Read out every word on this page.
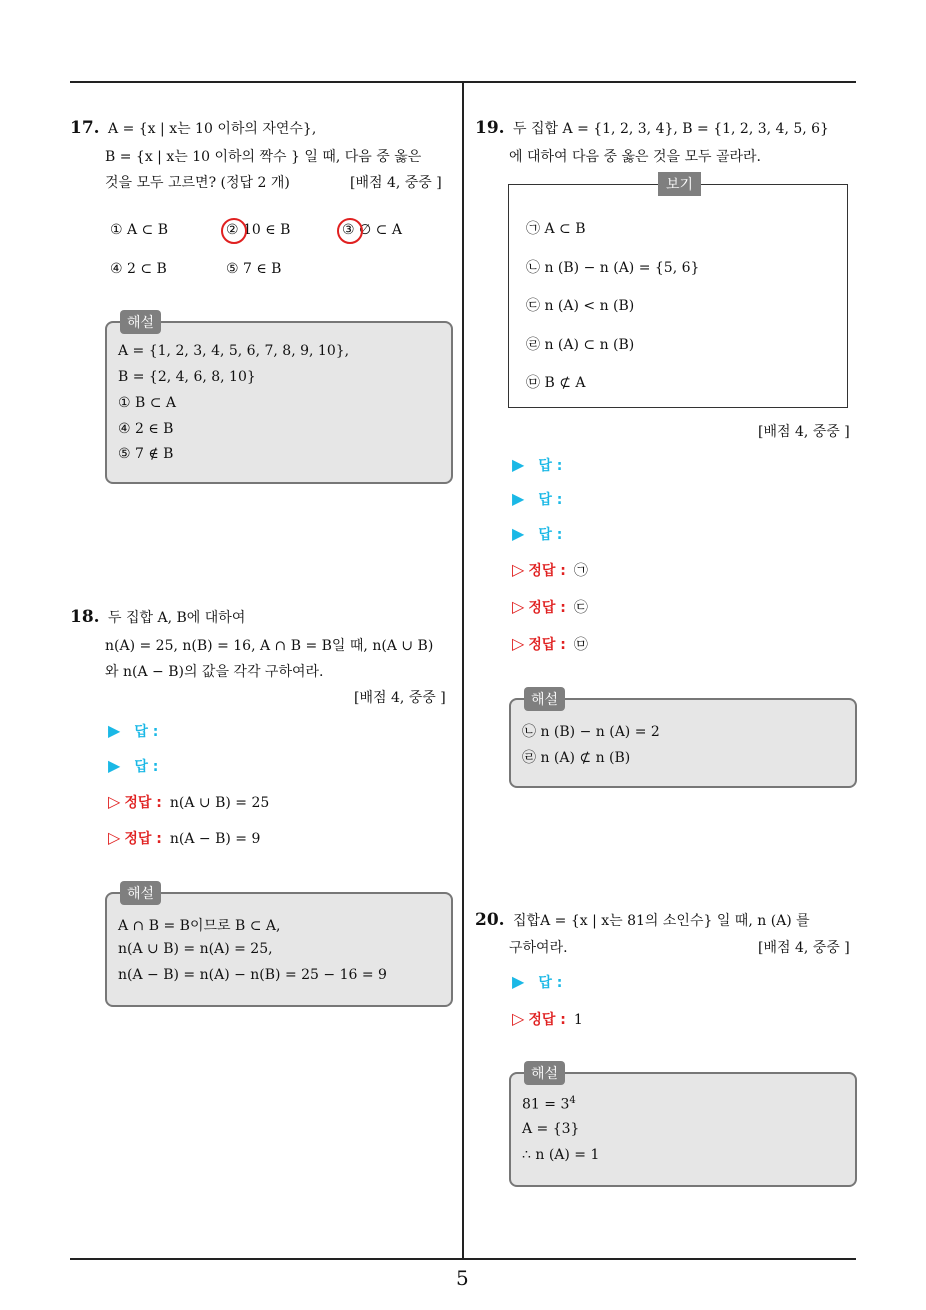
5
17. A = {x | x는 10 이하의 자연수},
B = {x | x는 10 이하의 짝수 } 일 때, 다음 중 옳은
것을 모두 고르면? (정답 2 개)	[배점 4, 중중 ]
① A ⊂ B	② 10 ∈ B	③ ∅ ⊂ A
④ 2 ⊂ B	⑤ 7 ∈ B
해설
A = {1, 2, 3, 4, 5, 6, 7, 8, 9, 10},
B = {2, 4, 6, 8, 10}
① B ⊂ A
④ 2 ∈ B
⑤ 7 ∉ B
18. 두 집합 A, B에 대하여
n(A) = 25, n(B) = 16, A ∩ B = B일 때, n(A ∪ B)
와 n(A − B)의 값을 각각 구하여라.
[배점 4, 중중 ]
▶ 답 :
▶ 답 :
▷ 정답 : n(A ∪ B) = 25
▷ 정답 : n(A − B) = 9
해설
A ∩ B = B이므로 B ⊂ A,
n(A ∪ B) = n(A) = 25,
n(A − B) = n(A) − n(B) = 25 − 16 = 9
19. 두 집합 A = {1, 2, 3, 4}, B = {1, 2, 3, 4, 5, 6}
에 대하여 다음 중 옳은 것을 모두 골라라.
보기
㉠ A ⊂ B
㉡ n (B) − n (A) = {5, 6}
㉢ n (A) < n (B)
㉣ n (A) ⊂ n (B)
㉤ B ⊄ A
[배점 4, 중중 ]
▶ 답 :
▶ 답 :
▶ 답 :
▷ 정답 : ㉠
▷ 정답 : ㉢
▷ 정답 : ㉤
해설
㉡ n (B) − n (A) = 2
㉣ n (A) ⊄ n (B)
20. 집합A = {x | x는 81의 소인수} 일 때, n (A) 를
구하여라.	[배점 4, 중중 ]
▶ 답 :
▷ 정답 : 1
해설
$81 = 3^4$
A = {3}
∴ n (A) = 1
